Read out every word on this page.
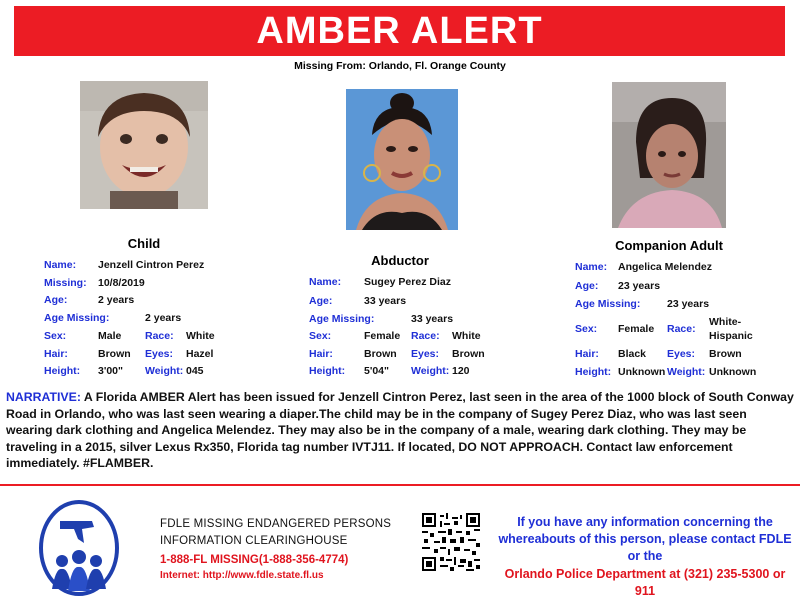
AMBER ALERT
Missing From: Orlando, Fl. Orange County
Child
Name: Jenzell Cintron Perez
Missing: 10/8/2019
Age:	2 years
Age Missing:	2 years
Sex:	Male Race: White
Hair:	Brown Eyes: Hazel
Height: 3'00" Weight: 045
Abductor
Name: Sugey Perez Diaz
Age:	33 years
Age Missing:	33 years
Sex:	Female Race: White
Hair:	Brown Eyes: Brown
Height: 5'04" Weight: 120
Companion Adult
Name: Angelica Melendez
Age: 23 years
Age Missing:	23 years
Sex: Female Race:
White-
Hispanic
Hair: Black Eyes: Brown
Height: Unknown Weight: Unknown
NARRATIVE: A Florida AMBER Alert has been issued for Jenzell Cintron Perez, last seen in the area of the 1000 block of South Conway Road in Orlando, who was last seen wearing a diaper.The child may be in the company of Sugey Perez Diaz, who was last seen wearing dark clothing and Angelica Melendez. They may also be in the company of a male, wearing dark clothing. They may be traveling in a 2015, silver Lexus Rx350, Florida tag number IVTJ11. If located, DO NOT APPROACH. Contact law enforcement immediately. #FLAMBER.
FDLE MISSING ENDANGERED PERSONS
INFORMATION CLEARINGHOUSE
1-888-FL MISSING(1-888-356-4774)
Internet: http://www.fdle.state.fl.us
If you have any information concerning the
whereabouts of this person, please contact FDLE
or the
Orlando Police Department at (321) 235-5300 or
911
